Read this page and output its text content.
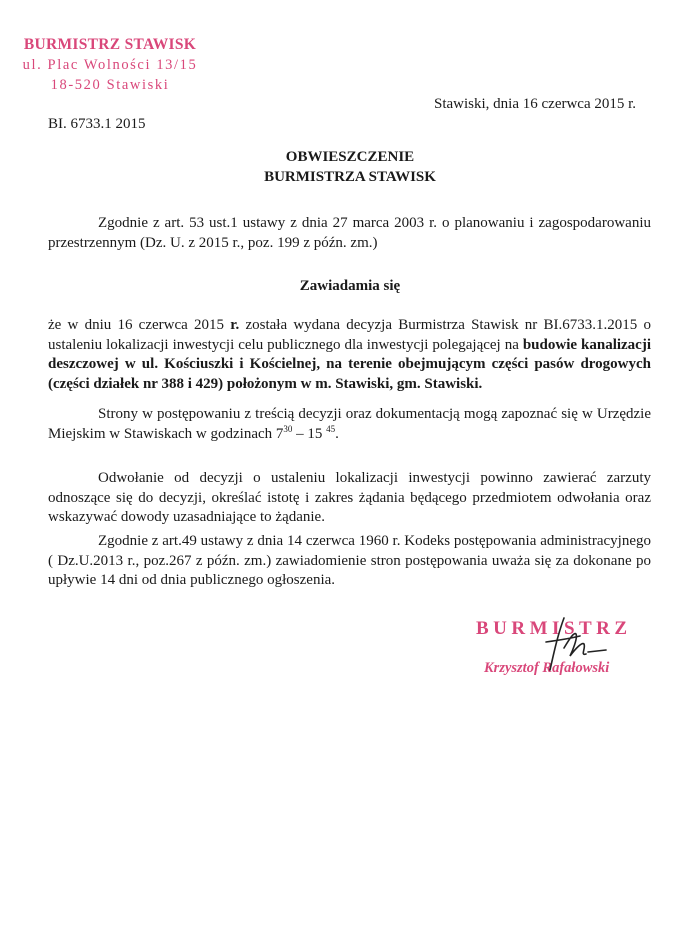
BURMISTRZ STAWISK
ul. Plac Wolności 13/15
18-520 Stawiski
Stawiski, dnia 16 czerwca 2015 r.
BI. 6733.1 2015
OBWIESZCZENIE
BURMISTRZA STAWISK
Zgodnie z art. 53 ust.1 ustawy z dnia 27 marca 2003 r. o planowaniu i zagospodarowaniu przestrzennym (Dz. U. z 2015 r., poz. 199 z późn. zm.)
Zawiadamia się
że w dniu 16 czerwca 2015 r. została wydana decyzja Burmistrza Stawisk nr BI.6733.1.2015 o ustaleniu lokalizacji inwestycji celu publicznego dla inwestycji polegającej na budowie kanalizacji deszczowej w ul. Kościuszki i Kościelnej, na terenie obejmującym części pasów drogowych (części działek nr 388 i 429) położonym w m. Stawiski, gm. Stawiski.
Strony w postępowaniu z treścią decyzji oraz dokumentacją mogą zapoznać się w Urzędzie Miejskim w Stawiskach w godzinach $7^{30} - 15$ $^{45}$.
Odwołanie od decyzji o ustaleniu lokalizacji inwestycji powinno zawierać zarzuty odnoszące się do decyzji, określać istotę i zakres żądania będącego przedmiotem odwołania oraz wskazywać dowody uzasadniające to żądanie.
Zgodnie z art.49 ustawy z dnia 14 czerwca 1960 r. Kodeks postępowania administracyjnego ( Dz.U.2013 r., poz.267 z późn. zm.) zawiadomienie stron postępowania uważa się za dokonane po upływie 14 dni od dnia publicznego ogłoszenia.
BURMISTRZ
Krzysztof Rafałowski
